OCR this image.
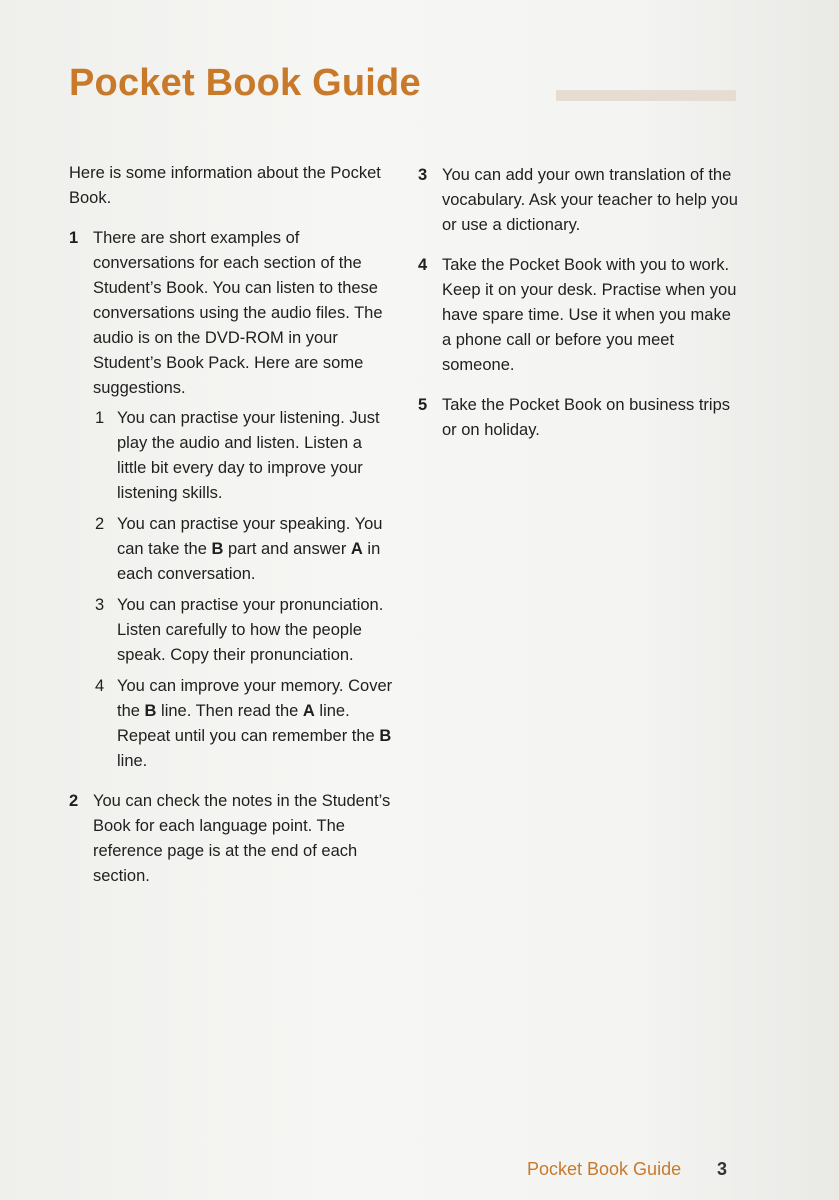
▬▬▬▬▬
Pocket Book Guide

Here is some information about the Pocket Book.

1 There are short examples of conversations for each section of the Student’s Book. You can listen to these conversations using the audio files. The audio is on the DVD-ROM in your Student’s Book Pack. Here are some suggestions.
1 You can practise your listening. Just play the audio and listen. Listen a little bit every day to improve your listening skills.
2 You can practise your speaking. You can take the B part and answer A in each conversation.
3 You can practise your pronunciation. Listen carefully to how the people speak. Copy their pronunciation.
4 You can improve your memory. Cover the B line. Then read the A line. Repeat until you can remember the B line.
2 You can check the notes in the Student’s Book for each language point. The reference page is at the end of each section.
3 You can add your own translation of the vocabulary. Ask your teacher to help you or use a dictionary.
4 Take the Pocket Book with you to work. Keep it on your desk. Practise when you have spare time. Use it when you make a phone call or before you meet someone.
5 Take the Pocket Book on business trips or on holiday.
Pocket Book Guide 3
